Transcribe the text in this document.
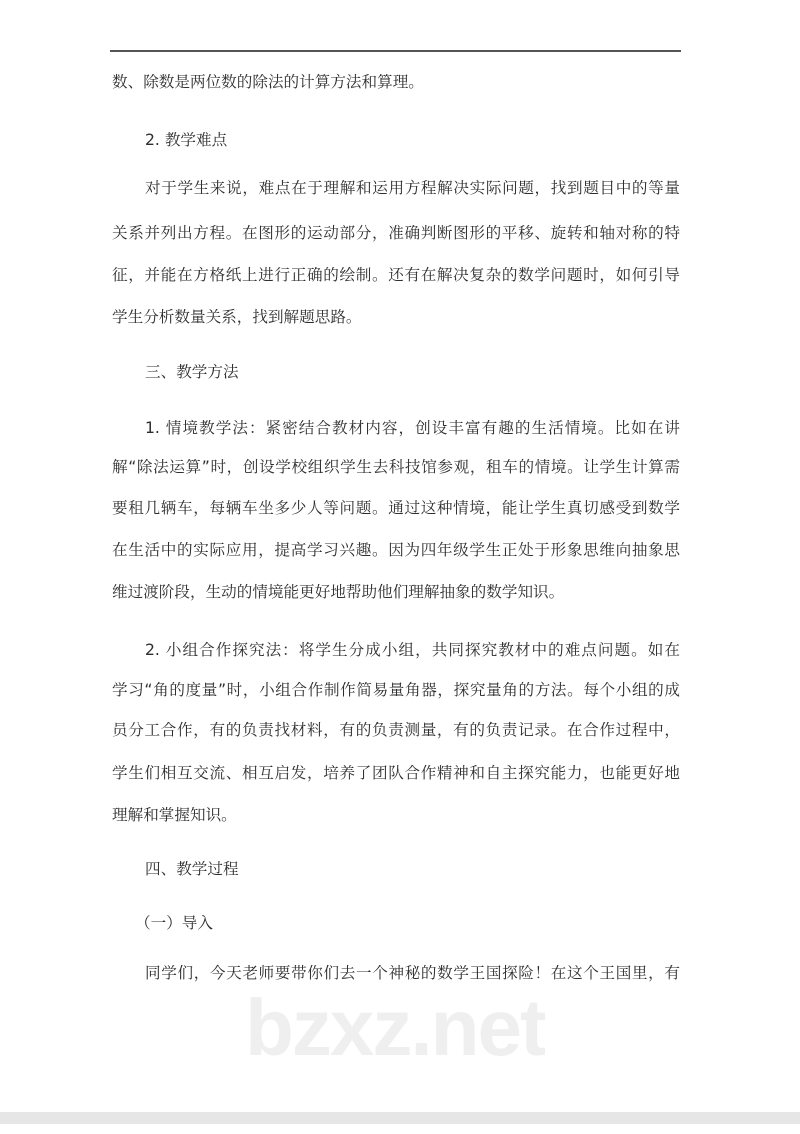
数、除数是两位数的除法的计算方法和算理。
2. 教学难点
对于学生来说，难点在于理解和运用方程解决实际问题，找到题目中的等量
关系并列出方程。在图形的运动部分，准确判断图形的平移、旋转和轴对称的特
征，并能在方格纸上进行正确的绘制。还有在解决复杂的数学问题时，如何引导
学生分析数量关系，找到解题思路。
三、教学方法
1. 情境教学法：紧密结合教材内容，创设丰富有趣的生活情境。比如在讲
解“除法运算”时，创设学校组织学生去科技馆参观，租车的情境。让学生计算需
要租几辆车，每辆车坐多少人等问题。通过这种情境，能让学生真切感受到数学
在生活中的实际应用，提高学习兴趣。因为四年级学生正处于形象思维向抽象思
维过渡阶段，生动的情境能更好地帮助他们理解抽象的数学知识。
2. 小组合作探究法：将学生分成小组，共同探究教材中的难点问题。如在
学习“角的度量”时，小组合作制作简易量角器，探究量角的方法。每个小组的成
员分工合作，有的负责找材料，有的负责测量，有的负责记录。在合作过程中，
学生们相互交流、相互启发，培养了团队合作精神和自主探究能力，也能更好地
理解和掌握知识。
四、教学过程
（一）导入
同学们，今天老师要带你们去一个神秘的数学王国探险！在这个王国里，有
bzxz.net
